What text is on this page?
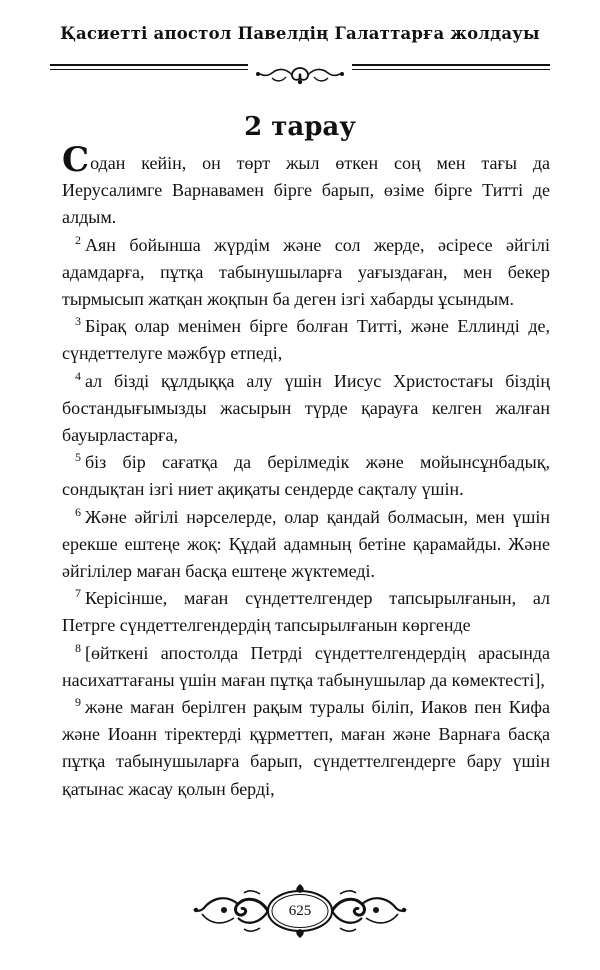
Қасиетті апостол Павелдің Галаттарға жолдауы
2 тарау

Содан кейін, он төрт жыл өткен соң мен тағы да Иерусалимге Варнавамен бірге барып, өзіме бірге Титті де алдым.

$^2$ Аян бойынша жүрдім және сол жерде, әсіресе әйгілі адамдарға, пұтқа табынушыларға уағыздаған, мен бекер тырмысып жатқан жоқпын ба деген ізгі хабарды ұсындым.

$^3$ Бірақ олар менімен бірге болған Титті, және Еллинді де, сүндеттелуге мәжбүр етпеді,

$^4$ ал бізді құлдыққа алу үшін Иисус Христостағы біздің бостандығымызды жасырын түрде қарауға келген жалған бауырластарға,

$^5$ біз бір сағатқа да берілмедік және мойынсұнбадық, сондықтан ізгі ниет ақиқаты сендерде сақталу үшін.

$^6$ Және әйгілі нәрселерде, олар қандай болмасын, мен үшін ерекше ештеңе жоқ: Құдай адамның бетіне қарамайды. Және әйгілілер маған басқа ештеңе жүктемеді.

$^7$ Керісінше, маған сүндеттелгендер тапсырылғанын, ал Петрге сүндеттелгендердің тапсырылғанын көргенде

$^8$ [өйткені апостолда Петрді сүндеттелгендердің арасында насихаттағаны үшін маған пұтқа табынушылар да көмектесті],

$^9$ және маған берілген рақым туралы біліп, Иаков пен Кифа және Иоанн тіректерді құрметтеп, маған және Варнаға басқа пұтқа табынушыларға барып, сүндеттелгендерге бару үшін қатынас жасау қолын берді,

625
